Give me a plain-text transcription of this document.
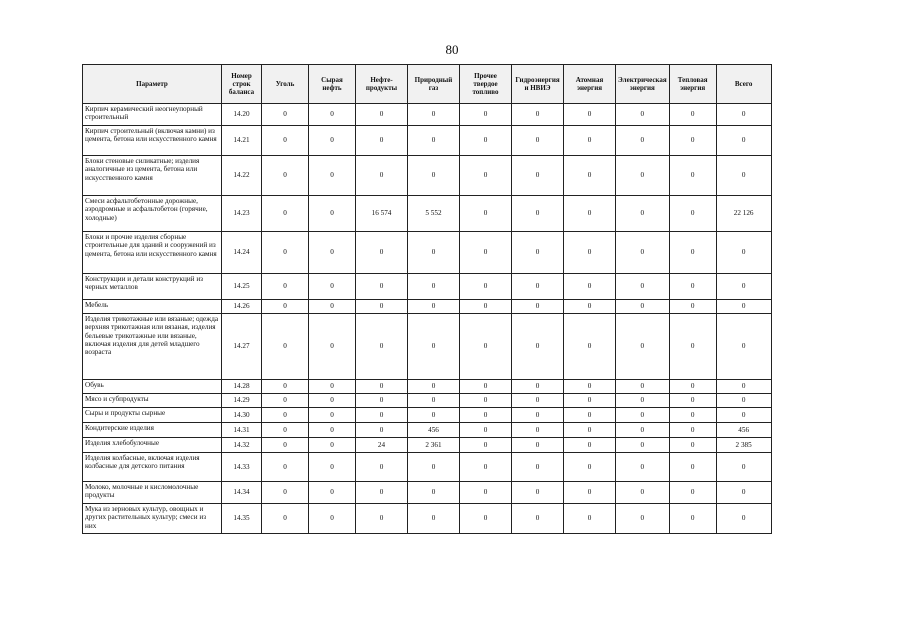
80
Параметр	Номер строк баланса	Уголь	Сырая нефть	Нефте-продукты	Природный газ	Прочее твердое топливо	Гидроэнергия и НВИЭ	Атомная энергия	Электрическая энергия	Тепловая энергия	Всего
Кирпич керамический неогнеупорный строительный	14.20	0	0	0	0	0	0	0	0	0	0
Кирпич строительный (включая камни) из цемента, бетона или искусственного камня	14.21	0	0	0	0	0	0	0	0	0	0
Блоки стеновые силикатные; изделия аналогичные из цемента, бетона или искусственного камня	14.22	0	0	0	0	0	0	0	0	0	0
Смеси асфальтобетонные дорожные, аэродромные и асфальтобетон (горячие, холодные)	14.23	0	0	16 574	5 552	0	0	0	0	0	22 126
Блоки и прочие изделия сборные строительные для зданий и сооружений из цемента, бетона или искусственного камня	14.24	0	0	0	0	0	0	0	0	0	0
Конструкции и детали конструкций из черных металлов	14.25	0	0	0	0	0	0	0	0	0	0
Мебель	14.26	0	0	0	0	0	0	0	0	0	0
Изделия трикотажные или вязаные; одежда верхняя трикотажная или вязаная, изделия бельевые трикотажные или вязаные, включая изделия для детей младшего возраста	14.27	0	0	0	0	0	0	0	0	0	0
Обувь	14.28	0	0	0	0	0	0	0	0	0	0
Мясо и субпродукты	14.29	0	0	0	0	0	0	0	0	0	0
Сыры и продукты сырные	14.30	0	0	0	0	0	0	0	0	0	0
Кондитерские изделия	14.31	0	0	0	456	0	0	0	0	0	456
Изделия хлебобулочные	14.32	0	0	24	2 361	0	0	0	0	0	2 385
Изделия колбасные, включая изделия колбасные для детского питания	14.33	0	0	0	0	0	0	0	0	0	0
Молоко, молочные и кисломолочные продукты	14.34	0	0	0	0	0	0	0	0	0	0
Мука из зерновых культур, овощных и других растительных культур; смеси из них	14.35	0	0	0	0	0	0	0	0	0	0
